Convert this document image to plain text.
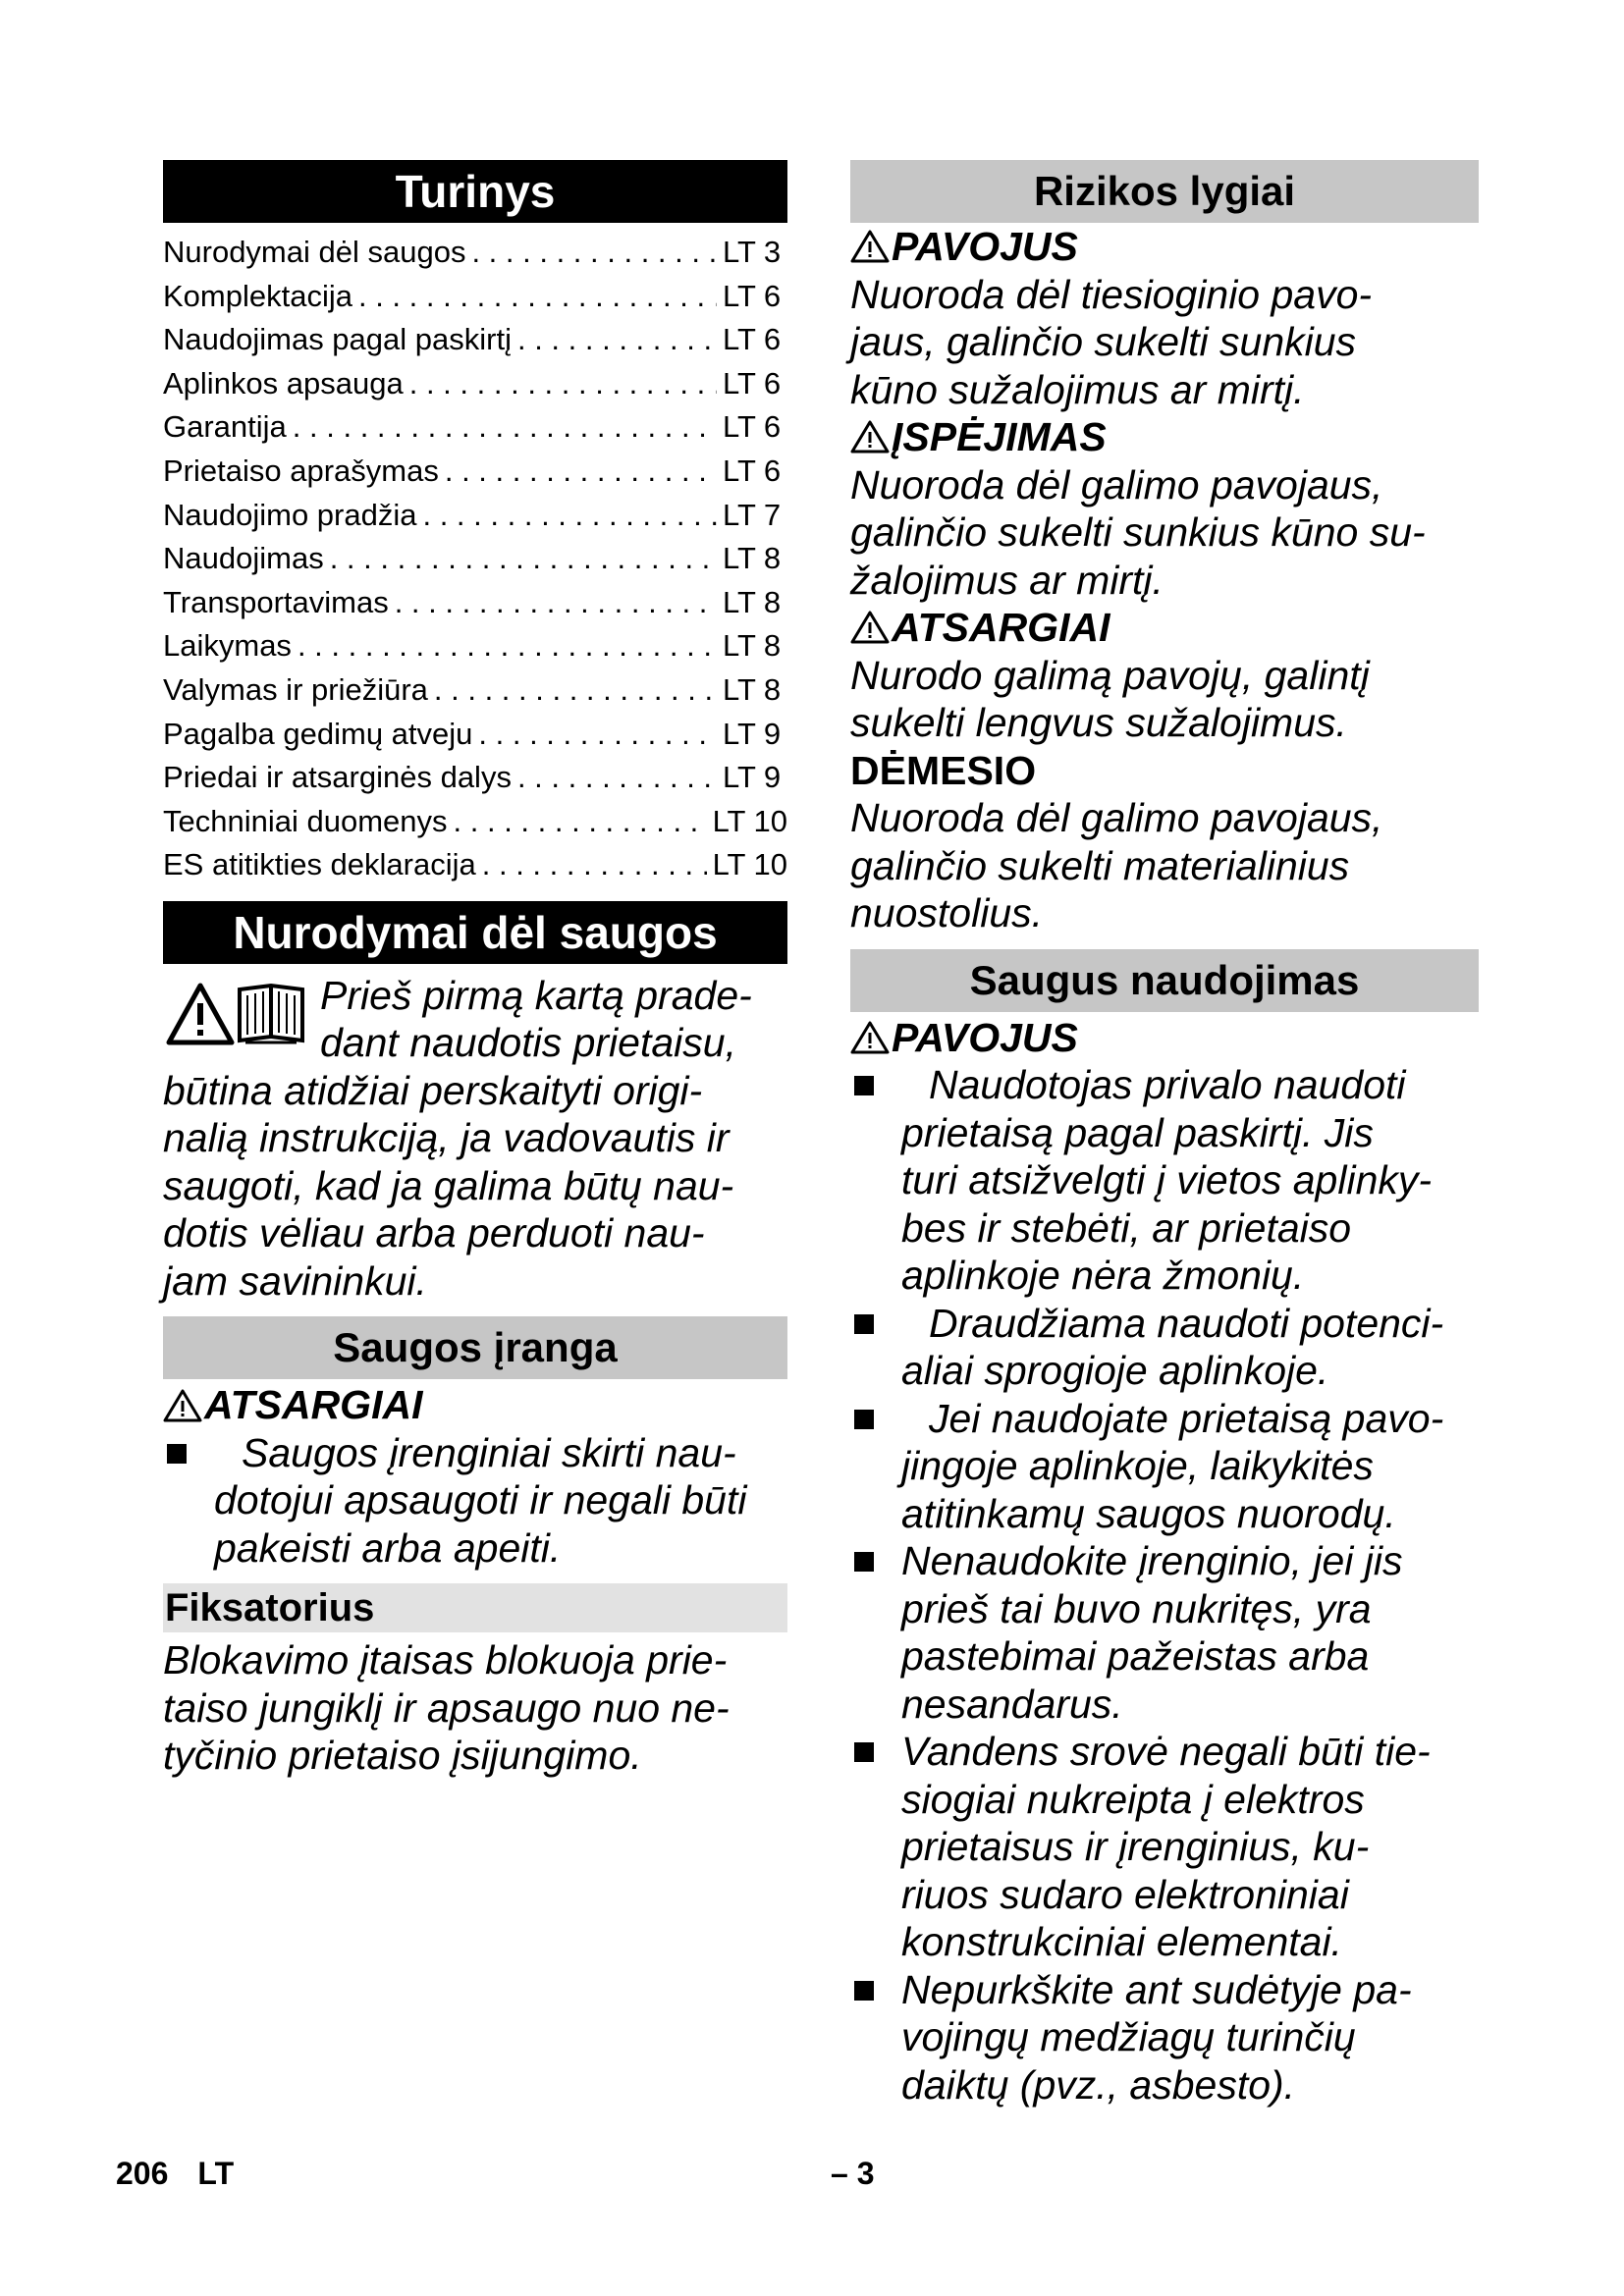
Turinys
Nurodymai dėl saugos . . .	LT 3
Komplektacija . . .	LT 6
Naudojimas pagal paskirtį . . .	LT 6
Aplinkos apsauga . . .	LT 6
Garantija . . .	LT 6
Prietaiso aprašymas . . .	LT 6
Naudojimo pradžia . . .	LT 7
Naudojimas . . .	LT 8
Transportavimas . . .	LT 8
Laikymas . . .	LT 8
Valymas ir priežiūra . . .	LT 8
Pagalba gedimų atveju . . .	LT 9
Priedai ir atsarginės dalys . . .	LT 9
Techniniai duomenys . . .	LT 10
ES atitikties deklaracija . . .	LT 10
Nurodymai dėl saugos

Prieš pirmą kartą prade-

dant naudotis prietaisu,

būtina atidžiai perskaityti origi-

nalią instrukciją, ja vadovautis ir

saugoti, kad ja galima būtų nau-

dotis vėliau arba perduoti nau-

jam savininkui.

Saugos įranga

ATSARGIAI

Saugos įrenginiai skirti nau-
dotojui apsaugoti ir negali būti
pakeisti arba apeiti.
Fiksatorius

Blokavimo įtaisas blokuoja prie-

taiso jungiklį ir apsaugo nuo ne-

tyčinio prietaiso įsijungimo.

Rizikos lygiai

PAVOJUS

Nuoroda dėl tiesioginio pavo-

jaus, galinčio sukelti sunkius

kūno sužalojimus ar mirtį.

ĮSPĖJIMAS

Nuoroda dėl galimo pavojaus,

galinčio sukelti sunkius kūno su-

žalojimus ar mirtį.

ATSARGIAI

Nurodo galimą pavojų, galintį

sukelti lengvus sužalojimus.

DĖMESIO

Nuoroda dėl galimo pavojaus,

galinčio sukelti materialinius

nuostolius.

Saugus naudojimas

PAVOJUS

Naudotojas privalo naudoti
prietaisą pagal paskirtį. Jis
turi atsižvelgti į vietos aplinky-
bes ir stebėti, ar prietaiso
aplinkoje nėra žmonių.
Draudžiama naudoti potenci-
aliai sprogioje aplinkoje.
Jei naudojate prietaisą pavo-
jingoje aplinkoje, laikykitės
atitinkamų saugos nuorodų.
Nenaudokite įrenginio, jei jis
prieš tai buvo nukritęs, yra
pastebimai pažeistas arba
nesandarus.
Vandens srovė negali būti tie-
siogiai nukreipta į elektros
prietaisus ir įrenginius, ku-
riuos sudaro elektroniniai
konstrukciniai elementai.
Nepurkškite ant sudėtyje pa-
vojingų medžiagų turinčių
daiktų (pvz., asbesto).
206 LT	– 3
